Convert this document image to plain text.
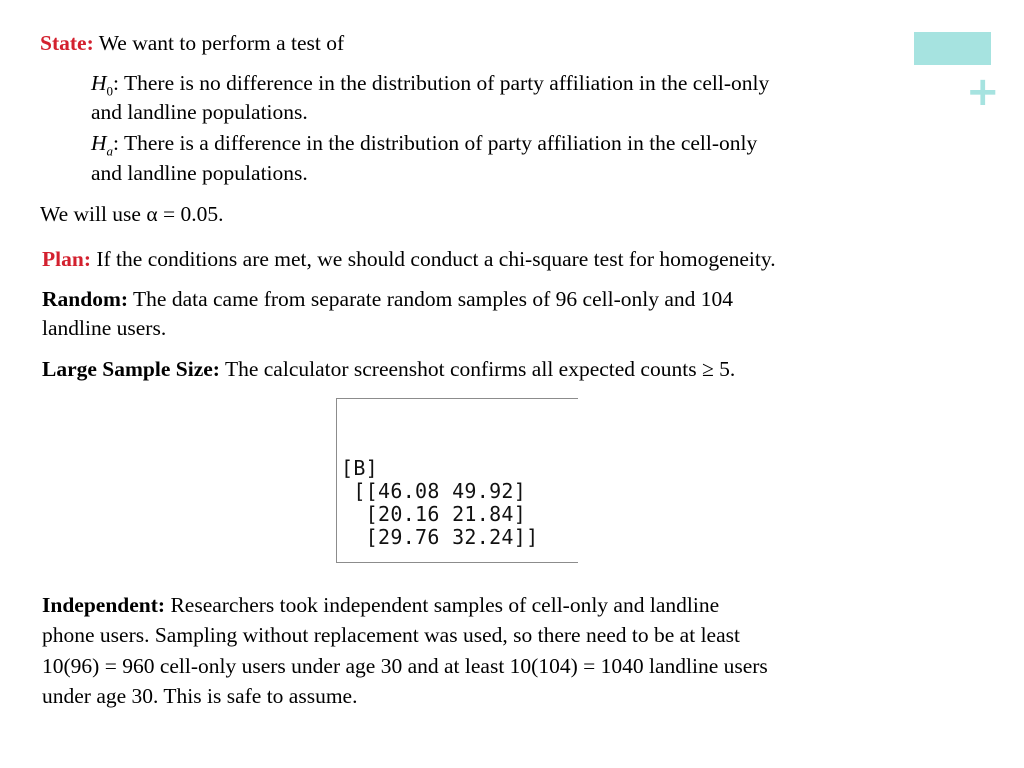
+
State: We want to perform a test of
$H_0$: There is no difference in the distribution of party affiliation in the cell-only
and landline populations.
$H_a$: There is a difference in the distribution of party affiliation in the cell-only
and landline populations.
We will use α = 0.05.
Plan: If the conditions are met, we should conduct a chi-square test for homogeneity.
Random: The data came from separate random samples of 96 cell-only and 104
landline users.
Large Sample Size: The calculator screenshot confirms all expected counts ≥ 5.
[B]
[[46.08 49.92]
[20.16 21.84]
[29.76 32.24]]
Independent: Researchers took independent samples of cell-only and landline
phone users. Sampling without replacement was used, so there need to be at least
10(96) = 960 cell-only users under age 30 and at least 10(104) = 1040 landline users
under age 30. This is safe to assume.
